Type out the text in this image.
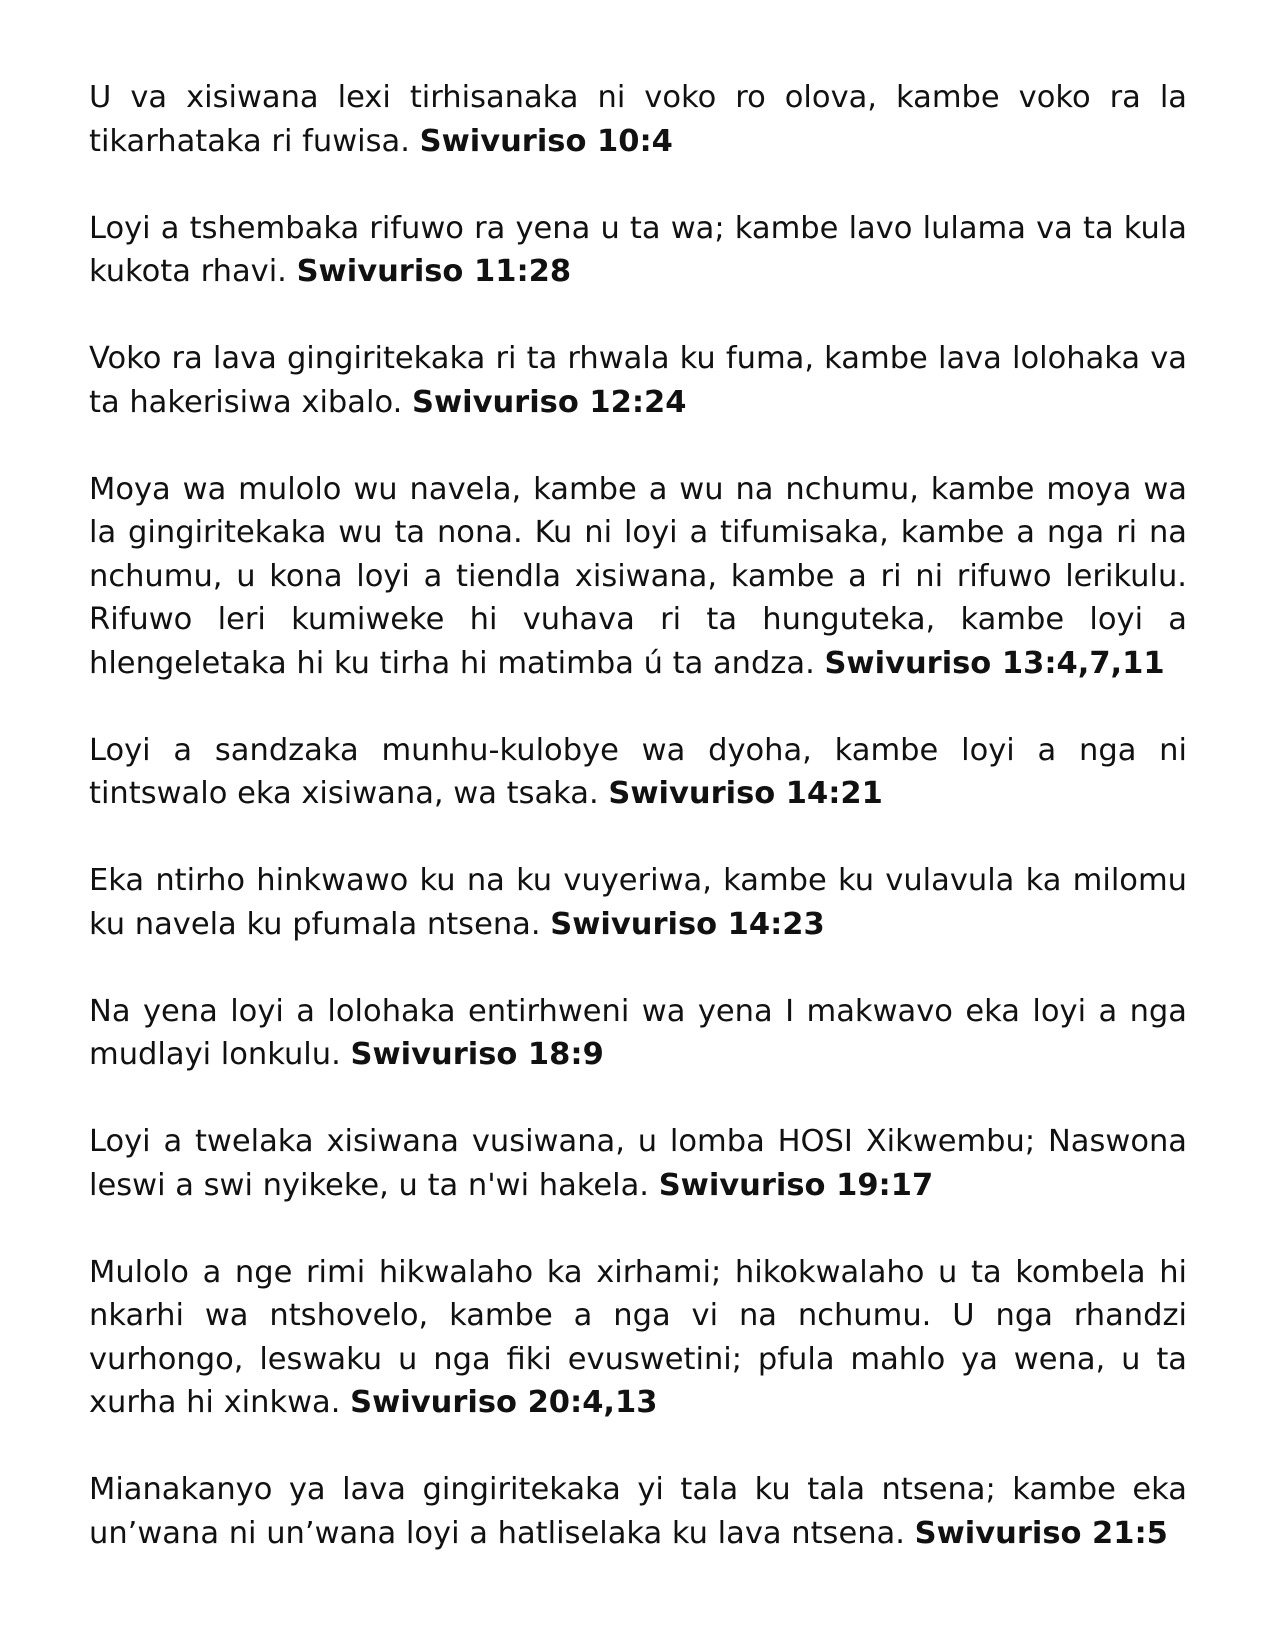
U va xisiwana lexi tirhisanaka ni voko ro olova, kambe voko ra la tikarhataka ri fuwisa. Swivuriso 10:4

Loyi a tshembaka rifuwo ra yena u ta wa; kambe lavo lulama va ta kula kukota rhavi. Swivuriso 11:28

Voko ra lava gingiritekaka ri ta rhwala ku fuma, kambe lava lolohaka va ta hakerisiwa xibalo. Swivuriso 12:24

Moya wa mulolo wu navela, kambe a wu na nchumu, kambe moya wa la gingiritekaka wu ta nona. Ku ni loyi a tifumisaka, kambe a nga ri na nchumu, u kona loyi a tiendla xisiwana, kambe a ri ni rifuwo lerikulu. Rifuwo leri kumiweke hi vuhava ri ta hunguteka, kambe loyi a hlengeletaka hi ku tirha hi matimba ú ta andza. Swivuriso 13:4,7,11

Loyi a sandzaka munhu-kulobye wa dyoha, kambe loyi a nga ni tintswalo eka xisiwana, wa tsaka. Swivuriso 14:21

Eka ntirho hinkwawo ku na ku vuyeriwa, kambe ku vulavula ka milomu ku navela ku pfumala ntsena. Swivuriso 14:23

Na yena loyi a lolohaka entirhweni wa yena I makwavo eka loyi a nga mudlayi lonkulu. Swivuriso 18:9

Loyi a twelaka xisiwana vusiwana, u lomba HOSI Xikwembu; Naswona leswi a swi nyikeke, u ta n'wi hakela. Swivuriso 19:17

Mulolo a nge rimi hikwalaho ka xirhami; hikokwalaho u ta kombela hi nkarhi wa ntshovelo, kambe a nga vi na nchumu. U nga rhandzi vurhongo, leswaku u nga fiki evuswetini; pfula mahlo ya wena, u ta xurha hi xinkwa. Swivuriso 20:4,13

Mianakanyo ya lava gingiritekaka yi tala ku tala ntsena; kambe eka un’wana ni un’wana loyi a hatliselaka ku lava ntsena. Swivuriso 21:5
